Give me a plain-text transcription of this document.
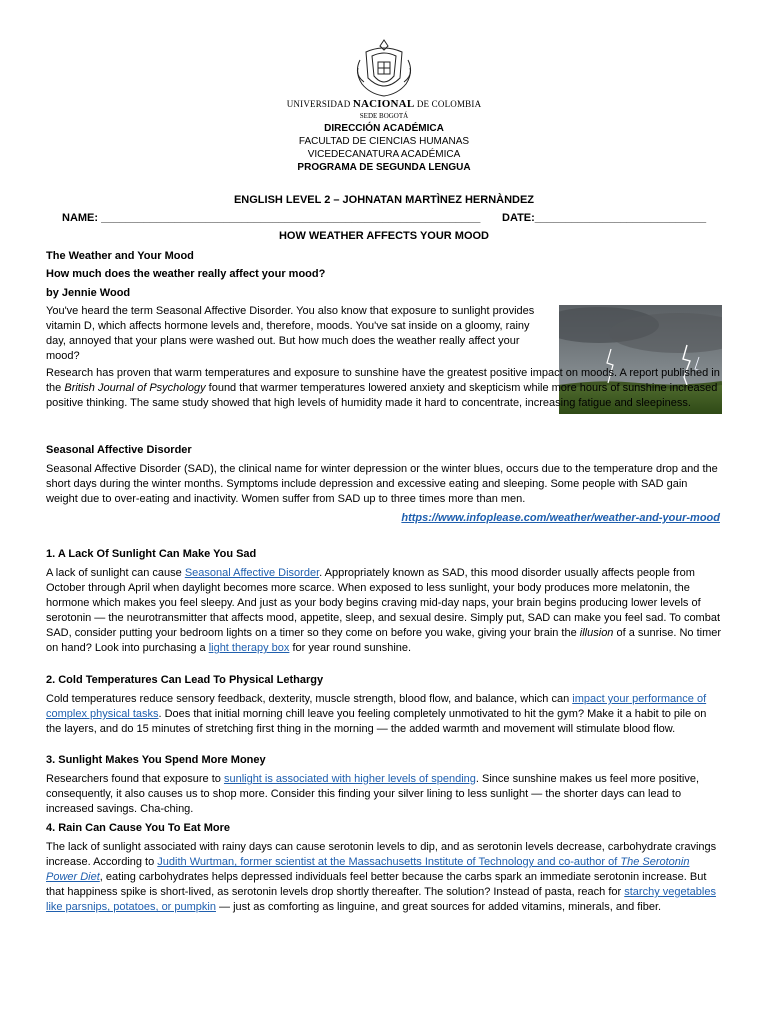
UNIVERSIDAD NACIONAL DE COLOMBIA
SEDE BOGOTÁ
DIRECCIÓN ACADÉMICA
FACULTAD DE CIENCIAS HUMANAS
VICEDECANATURA ACADÉMICA
PROGRAMA DE SEGUNDA LENGUA
ENGLISH LEVEL 2 – JOHNATAN MARTÌNEZ HERNÀNDEZ
NAME: ______________________________________________________________ DATE:____________________________
HOW WEATHER AFFECTS YOUR MOOD
The Weather and Your Mood
How much does the weather really affect your mood?
by Jennie Wood
You've heard the term Seasonal Affective Disorder. You also know that exposure to sunlight provides vitamin D, which affects hormone levels and, therefore, moods. You've sat inside on a gloomy, rainy day, annoyed that your plans were washed out. But how much does the weather really affect your mood?
Research has proven that warm temperatures and exposure to sunshine have the greatest positive impact on moods. A report published in the British Journal of Psychology found that warmer temperatures lowered anxiety and skepticism while more hours of sunshine increased positive thinking. The same study showed that high levels of humidity made it hard to concentrate, increasing fatigue and sleepiness.
Seasonal Affective Disorder
Seasonal Affective Disorder (SAD), the clinical name for winter depression or the winter blues, occurs due to the temperature drop and the short days during the winter months. Symptoms include depression and excessive eating and sleeping. Some people with SAD gain weight due to over-eating and inactivity. Women suffer from SAD up to three times more than men.
https://www.infoplease.com/weather/weather-and-your-mood
1. A Lack Of Sunlight Can Make You Sad
A lack of sunlight can cause Seasonal Affective Disorder. Appropriately known as SAD, this mood disorder usually affects people from October through April when daylight becomes more scarce. When exposed to less sunlight, your body produces more melatonin, the hormone which makes you feel sleepy. And just as your body begins craving mid-day naps, your brain begins producing lower levels of serotonin — the neurotransmitter that affects mood, appetite, sleep, and sexual desire. Simply put, SAD can make you feel sad. To combat SAD, consider putting your bedroom lights on a timer so they come on before you wake, giving your brain the illusion of a sunrise. No timer on hand? Look into purchasing a light therapy box for year round sunshine.
2. Cold Temperatures Can Lead To Physical Lethargy
Cold temperatures reduce sensory feedback, dexterity, muscle strength, blood flow, and balance, which can impact your performance of complex physical tasks. Does that initial morning chill leave you feeling completely unmotivated to hit the gym? Make it a habit to pile on the layers, and do 15 minutes of stretching first thing in the morning — the added warmth and movement will stimulate blood flow.
3. Sunlight Makes You Spend More Money
Researchers found that exposure to sunlight is associated with higher levels of spending. Since sunshine makes us feel more positive, consequently, it also causes us to shop more. Consider this finding your silver lining to less sunlight — the shorter days can lead to increased savings. Cha-ching.
4. Rain Can Cause You To Eat More
The lack of sunlight associated with rainy days can cause serotonin levels to dip, and as serotonin levels decrease, carbohydrate cravings increase. According to Judith Wurtman, former scientist at the Massachusetts Institute of Technology and co-author of The Serotonin Power Diet, eating carbohydrates helps depressed individuals feel better because the carbs spark an immediate serotonin increase. But that happiness spike is short-lived, as serotonin levels drop shortly thereafter. The solution? Instead of pasta, reach for starchy vegetables like parsnips, potatoes, or pumpkin — just as comforting as linguine, and great sources for added vitamins, minerals, and fiber.
